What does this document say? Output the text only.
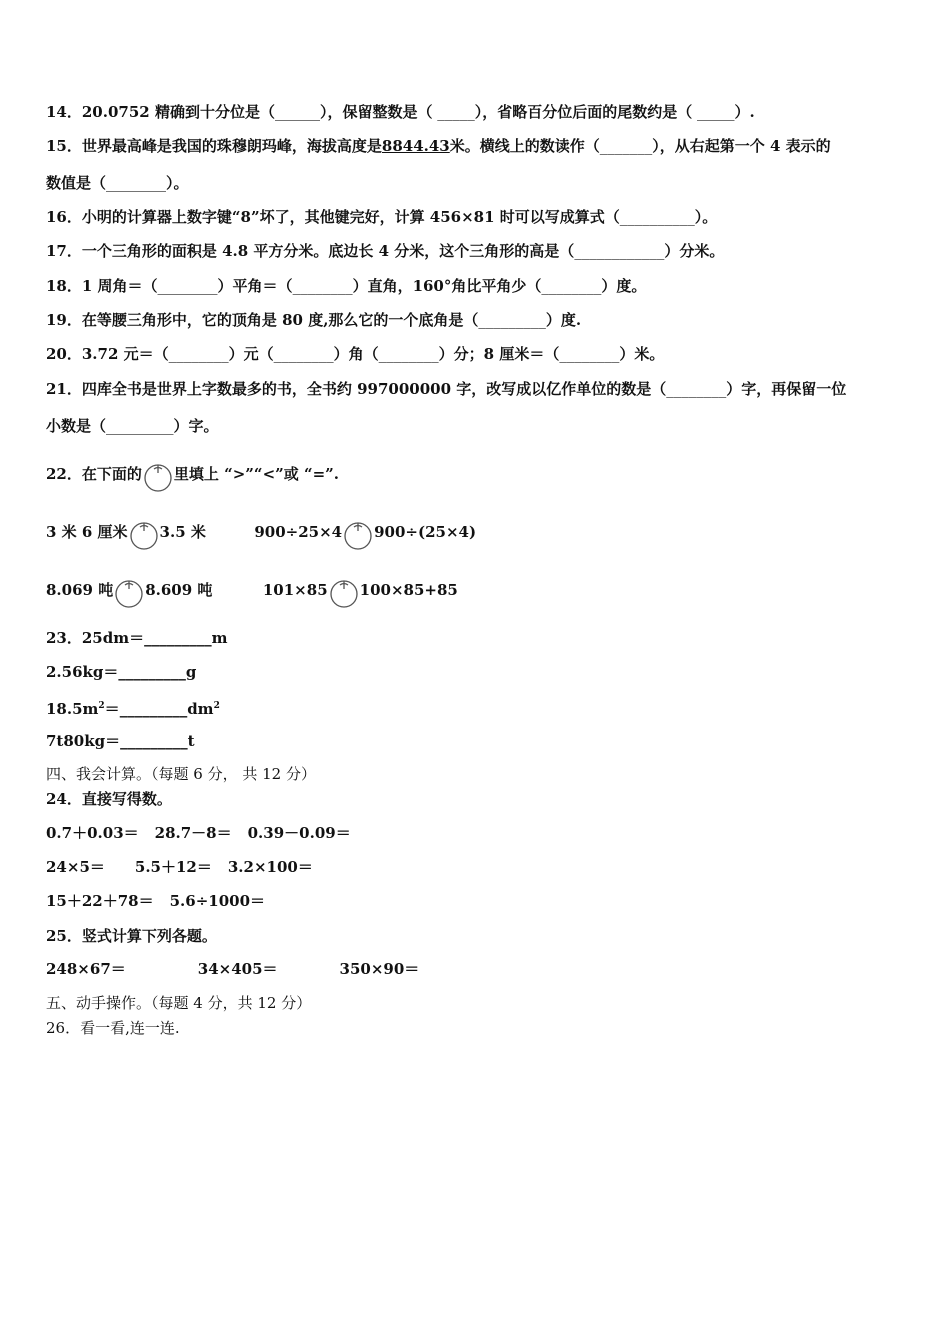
14．20.0752 精确到十分位是（______），保留整数是（ _____），省略百分位后面的尾数约是（ _____）.
15．世界最高峰是我国的珠穆朗玛峰，海拔高度是8844.43米。横线上的数读作（_______），从右起第一个 4 表示的
数值是（________）。
16．小明的计算器上数字键“8”坏了，其他键完好，计算 456×81 时可以写成算式（__________）。
17．一个三角形的面积是 4.8 平方分米。底边长 4 分米，这个三角形的高是（____________）分米。
18．1 周角＝（________）平角＝（________）直角，160°角比平角少（________）度。
19．在等腰三角形中，它的顶角是 80 度,那么它的一个底角是（_________）度.
20．3.72 元＝（________）元（________）角（________）分；8 厘米＝（________）米。
21．四库全书是世界上字数最多的书，全书约 997000000 字，改写成以亿作单位的数是（________）字，再保留一位
小数是（_________）字。
22．在下面的 里填上 “>”“<”或 “=”.
3 米 6 厘米 3.5 米	900÷25×4 900÷(25×4)
8.069 吨 8.609 吨	101×85 100×85+85
23．25dm＝_________m
2.56kg＝_________g
$18.5m^2=\_\_\_\_\_\_\_\_\_dm^2$
7t80kg＝_________t
四、我会计算。（每题 6 分， 共 12 分）
24．直接写得数。
0.7＋0.03＝ 28.7－8＝ 0.39－0.09＝
24×5＝ 5.5＋12＝ 3.2×100＝
15＋22＋78＝ 5.6÷1000＝
25．竖式计算下列各题。
248×67＝	34×405＝	350×90＝
五、动手操作。（每题 4 分，共 12 分）
26．看一看,连一连.
